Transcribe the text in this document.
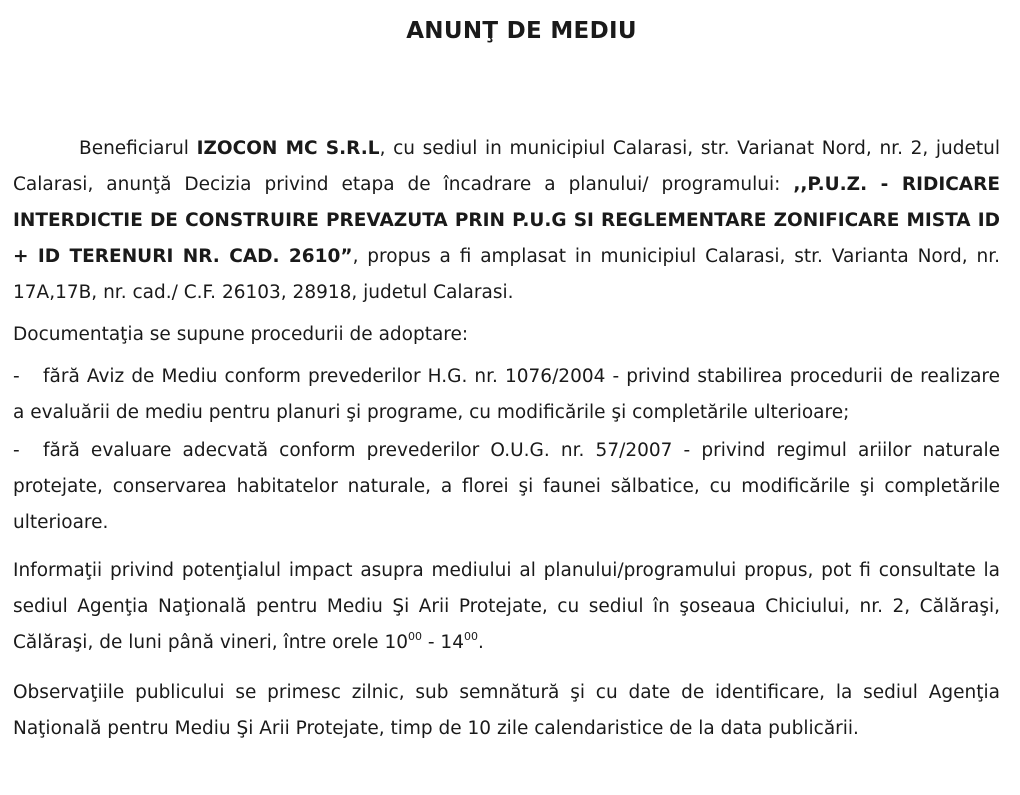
ANUNŢ DE MEDIU

Beneficiarul IZOCON MC S.R.L, cu sediul in municipiul Calarasi, str. Varianat Nord, nr. 2, judetul Calarasi, anunţă Decizia privind etapa de încadrare a planului/ programului: ,,P.U.Z. - RIDICARE INTERDICTIE DE CONSTRUIRE PREVAZUTA PRIN P.U.G SI REGLEMENTARE ZONIFICARE MISTA ID + ID TERENURI NR. CAD. 2610”, propus a fi amplasat in municipiul Calarasi, str. Varianta Nord, nr. 17A,17B, nr. cad./ C.F. 26103, 28918, judetul Calarasi.

Documentaţia se supune procedurii de adoptare:

- fără Aviz de Mediu conform prevederilor H.G. nr. 1076/2004 - privind stabilirea procedurii de realizare a evaluării de mediu pentru planuri şi programe, cu modificările şi completările ulterioare;

- fără evaluare adecvată conform prevederilor O.U.G. nr. 57/2007 - privind regimul ariilor naturale protejate, conservarea habitatelor naturale, a florei şi faunei sălbatice, cu modificările şi completările ulterioare.

Informaţii privind potenţialul impact asupra mediului al planului/programului propus, pot fi consultate la sediul Agenţia Naţională pentru Mediu Şi Arii Protejate, cu sediul în şoseaua Chiciului, nr. 2, Călăraşi, Călăraşi, de luni până vineri, între orele $10^{00} - 14^{00}$.

Observaţiile publicului se primesc zilnic, sub semnătură şi cu date de identificare, la sediul Agenţia Naţională pentru Mediu Şi Arii Protejate, timp de 10 zile calendaristice de la data publicării.
